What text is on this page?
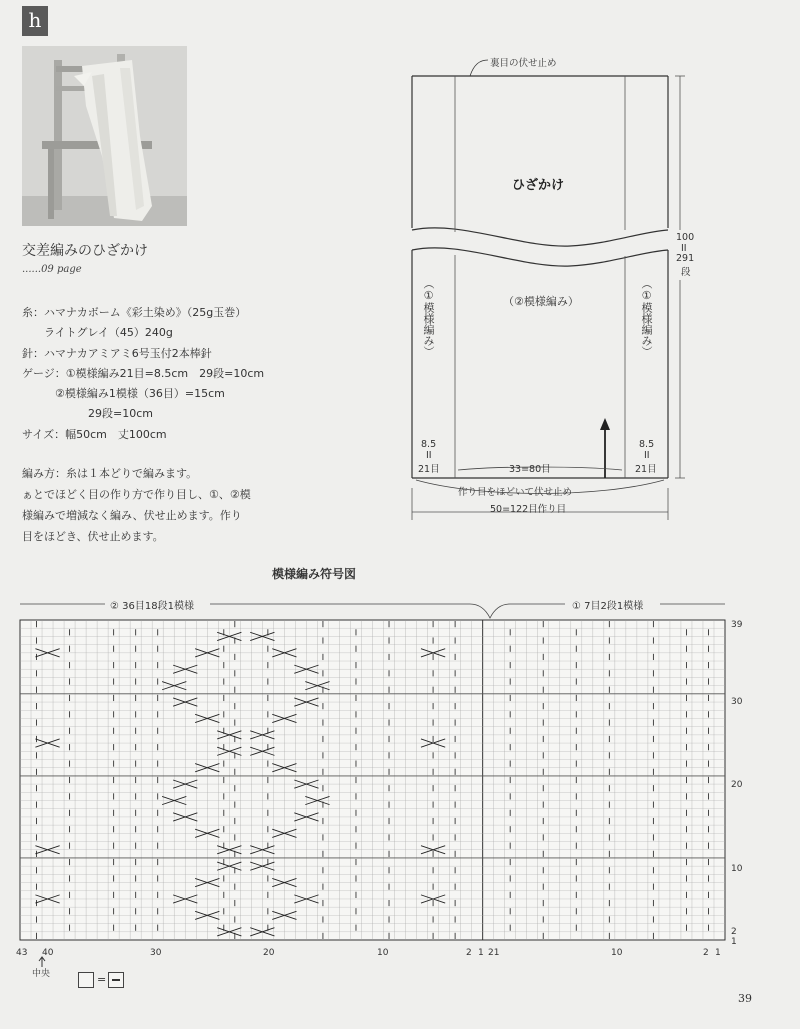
h
交差編みのひざかけ
......09 page
糸：ハマナカボーム《彩土染め》（25g玉巻）
　　ライトグレイ（45）240g
針：ハマナカアミアミ6号玉付2本棒針
ゲージ：①模様編み21目=8.5cm　29段=10cm
　　　②模様編み1模様（36目）=15cm
　　　　　　29段=10cm
サイズ：幅50cm　丈100cm
編み方：糸は１本どりで編みます。
ぁとでほどく目の作り方で作り目し、①、②模
様編みで増減なく編み、伏せ止めます。作り
目をほどき、伏せ止めます。
裏目の伏せ止め
ひざかけ
（②模様編み）
（①模様編み）	（①模様編み）
8.5
II
21目
8.5
II
21目
33=80目
100
II
291
段
作り目をほどいて伏せ止め
50=122目作り目
模様編み符号図
② 36目18段1模様	① 7目2段1模様
39
30
20
10
2
1
43 40	30	20	10	2 1 21	10	2 1
中央	=
39
